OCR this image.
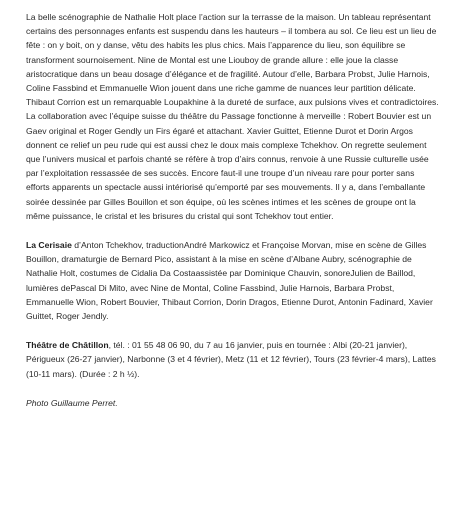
La belle scénographie de Nathalie Holt place l’action sur la terrasse de la maison. Un tableau représentant certains des personnages enfants est suspendu dans les hauteurs – il tombera au sol. Ce lieu est un lieu de fête : on y boit, on y danse, vêtu des habits les plus chics. Mais l’apparence du lieu, son équilibre se transforment sournoisement. Nine de Montal est une Liouboy de grande allure : elle joue la classe aristocratique dans un beau dosage d’élégance et de fragilité. Autour d’elle, Barbara Probst, Julie Harnois, Coline Fassbind et Emmanuelle Wion jouent dans une riche gamme de nuances leur partition délicate. Thibaut Corrion est un remarquable Loupakhine à la dureté de surface, aux pulsions vives et contradictoires. La collaboration avec l’équipe suisse du théâtre du Passage fonctionne à merveille : Robert Bouvier est un Gaev original et Roger Gendly un Firs égaré et attachant. Xavier Guittet, Etienne Durot et Dorin Argos donnent ce relief un peu rude qui est aussi chez le doux mais complexe Tchekhov. On regrette seulement que l’univers musical et parfois chanté se réfère à trop d’airs connus, renvoie à une Russie culturelle usée par l’exploitation ressassée de ses succès. Encore faut-il une troupe d’un niveau rare pour porter sans efforts apparents un spectacle aussi intériorisé qu’emporté par ses mouvements. Il y a, dans l’emballante soirée dessinée par Gilles Bouillon et son équipe, où les scènes intimes et les scènes de groupe ont la même puissance, le cristal et les brisures du cristal qui sont Tchekhov tout entier.

La Cerisaie d’Anton Tchekhov, traductionAndré Markowicz et Françoise Morvan, mise en scène de Gilles Bouillon, dramaturgie de Bernard Pico, assistant à la mise en scène d’Albane Aubry, scénographie de Nathalie Holt, costumes de Cidalia Da Costaassistée par Dominique Chauvin, sonoreJulien de Baillod, lumières dePascal Di Mito, avec Nine de Montal, Coline Fassbind, Julie Harnois, Barbara Probst, Emmanuelle Wion, Robert Bouvier, Thibaut Corrion, Dorin Dragos, Etienne Durot, Antonin Fadinard, Xavier Guittet, Roger Jendly.

Théâtre de Châtillon, tél. : 01 55 48 06 90, du 7 au 16 janvier, puis en tournée : Albi (20-21 janvier), Périgueux (26-27 janvier), Narbonne (3 et 4 février), Metz (11 et 12 février), Tours (23 février-4 mars), Lattes (10-11 mars). (Durée : 2 h ½).

Photo Guillaume Perret.
